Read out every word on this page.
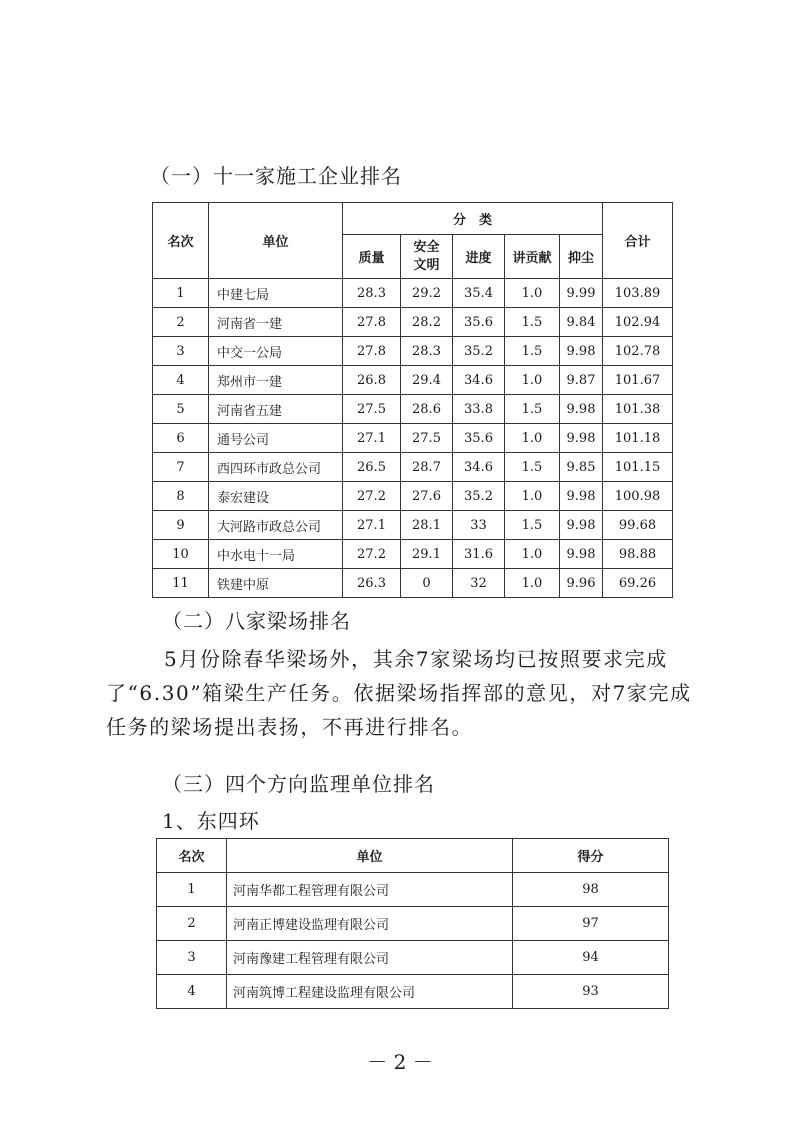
（一）十一家施工企业排名
名次	单位	分　类					合计
		质量	安全文明	进度	讲贡献	抑尘	
1	中建七局	28.3	29.2	35.4	1.0	9.99	103.89
2	河南省一建	27.8	28.2	35.6	1.5	9.84	102.94
3	中交一公局	27.8	28.3	35.2	1.5	9.98	102.78
4	郑州市一建	26.8	29.4	34.6	1.0	9.87	101.67
5	河南省五建	27.5	28.6	33.8	1.5	9.98	101.38
6	通号公司	27.1	27.5	35.6	1.0	9.98	101.18
7	西四环市政总公司	26.5	28.7	34.6	1.5	9.85	101.15
8	泰宏建设	27.2	27.6	35.2	1.0	9.98	100.98
9	大河路市政总公司	27.1	28.1	33	1.5	9.98	99.68
10	中水电十一局	27.2	29.1	31.6	1.0	9.98	98.88
11	铁建中原	26.3	0	32	1.0	9.96	69.26
（二）八家梁场排名
5月份除春华梁场外，其余7家梁场均已按照要求完成了“6.30”箱梁生产任务。依据梁场指挥部的意见，对7家完成任务的梁场提出表扬，不再进行排名。
（三）四个方向监理单位排名
1、东四环
名次	单位	得分
1	河南华都工程管理有限公司	98
2	河南正博建设监理有限公司	97
3	河南豫建工程管理有限公司	94
4	河南筑博工程建设监理有限公司	93
－ 2 －
